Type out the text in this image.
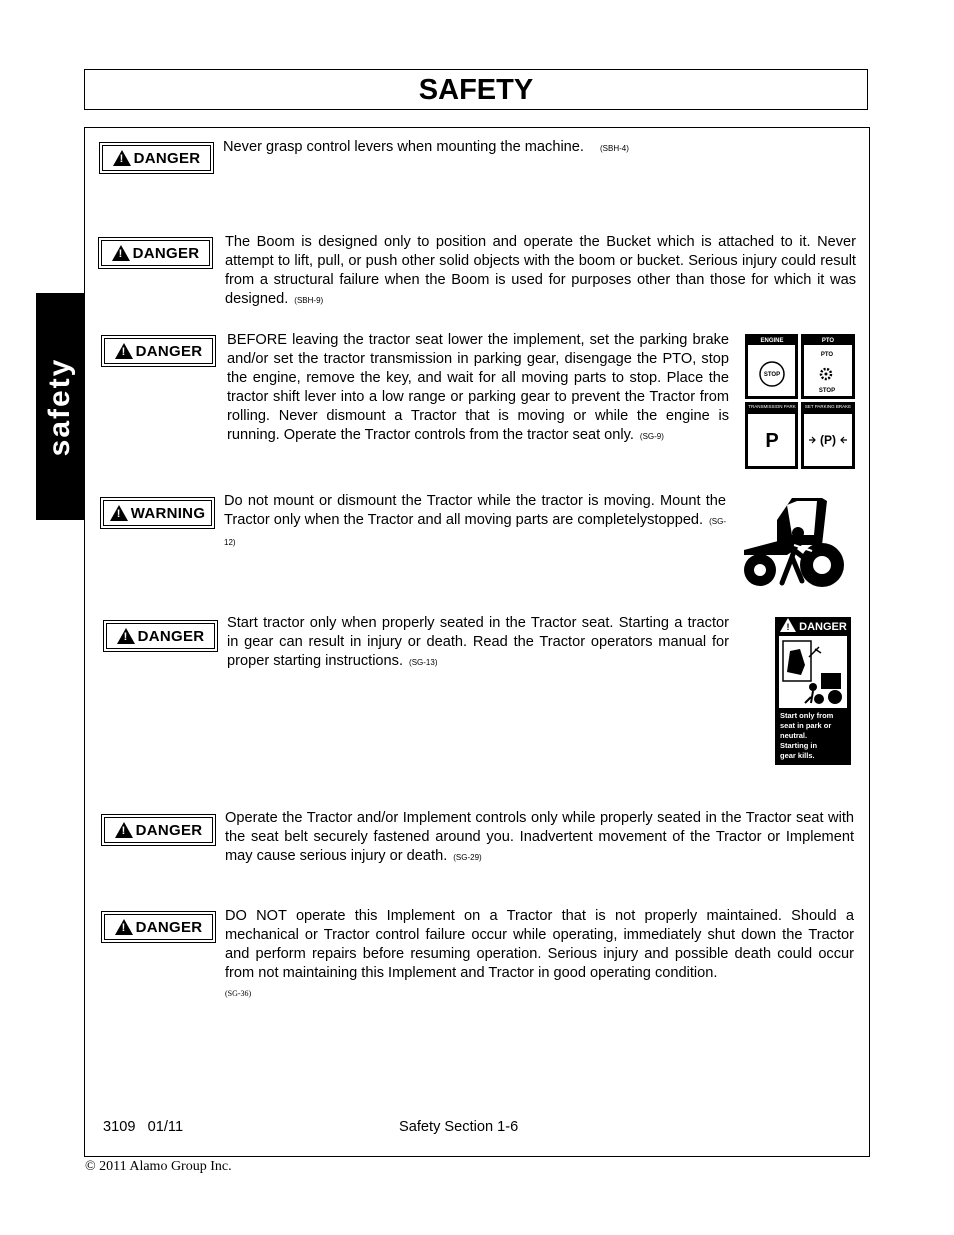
SAFETY
safety
!
DANGER
Never grasp control levers when mounting the machine. (SBH-4)
!
DANGER
The Boom is designed only to position and operate the Bucket which is attached to it. Never attempt to lift, pull, or push other solid objects with the boom or bucket. Serious injury could result from a structural failure when the Boom is used for purposes other than those for which it was designed. (SBH-9)
!
DANGER
BEFORE leaving the tractor seat lower the implement, set the parking brake and/or set the tractor transmission in parking gear, disengage the PTO, stop the engine, remove the key, and wait for all moving parts to stop. Place the tractor shift lever into a low range or parking gear to prevent the Tractor from rolling. Never dismount a Tractor that is moving or while the engine is running. Operate the Tractor controls from the tractor seat only. (SG-9)
ENGINE	PTO
STOP
PTO
STOP
TRANSMISSION PARK SET PARKING BRAKE
P	(P)
!
WARNING
Do not mount or dismount the Tractor while the tractor is moving. Mount the Tractor only when the Tractor and all moving parts are completelystopped. (SG-12)
!
DANGER
Start tractor only when properly seated in the Tractor seat. Starting a tractor in gear can result in injury or death. Read the Tractor operators manual for proper starting instructions. (SG-13)
! DANGER
Start only from
seat in park or
neutral.
Starting in
gear kills.
!
DANGER
Operate the Tractor and/or Implement controls only while properly seated in the Tractor seat with the seat belt securely fastened around you. Inadvertent movement of the Tractor or Implement may cause serious injury or death. (SG-29)
!
DANGER
DO NOT operate this Implement on a Tractor that is not properly maintained. Should a mechanical or Tractor control failure occur while operating, immediately shut down the Tractor and perform repairs before resuming operation. Serious injury and possible death could occur from not maintaining this Implement and Tractor in good operating condition.
(SG-36)
3109   01/11	Safety Section 1-6
© 2011 Alamo Group Inc.
